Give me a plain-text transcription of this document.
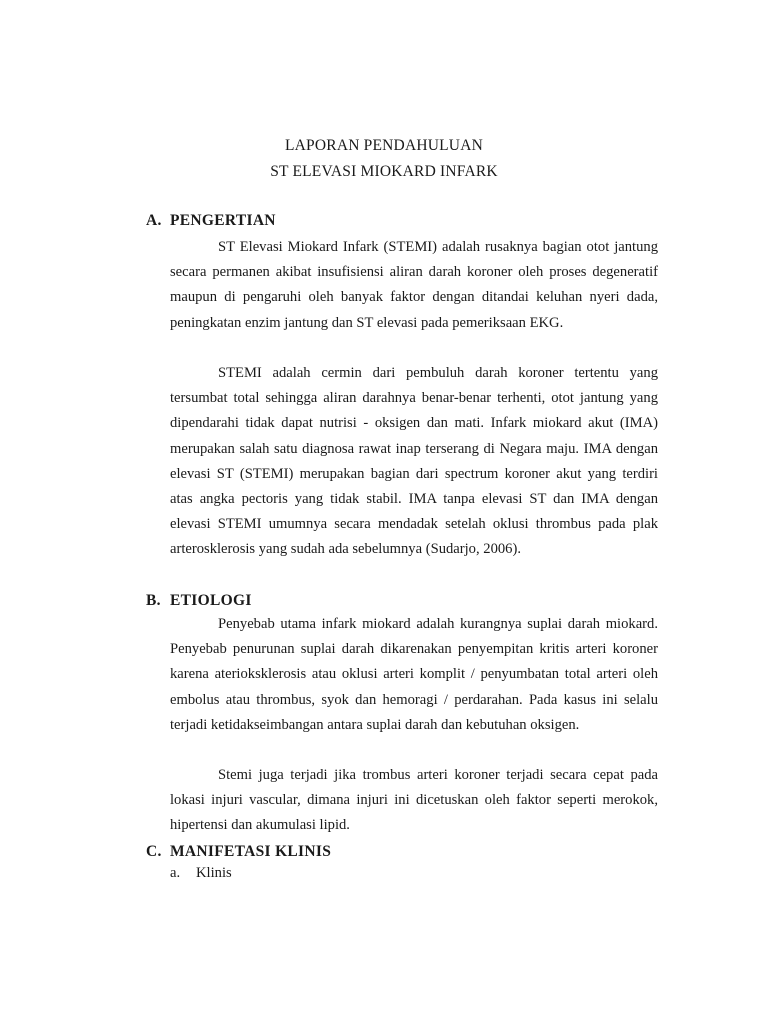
LAPORAN PENDAHULUAN
ST ELEVASI MIOKARD INFARK
A. PENGERTIAN

ST Elevasi Miokard Infark (STEMI) adalah rusaknya bagian otot jantung secara permanen akibat insufisiensi aliran darah koroner oleh proses degeneratif maupun di pengaruhi oleh banyak faktor dengan ditandai keluhan nyeri dada, peningkatan enzim jantung dan ST elevasi pada pemeriksaan EKG.

STEMI adalah cermin dari pembuluh darah koroner tertentu yang tersumbat total sehingga aliran darahnya benar-benar terhenti, otot jantung yang dipendarahi tidak dapat nutrisi - oksigen dan mati. Infark miokard akut (IMA) merupakan salah satu diagnosa rawat inap terserang di Negara maju. IMA dengan elevasi ST (STEMI) merupakan bagian dari spectrum koroner akut yang terdiri atas angka pectoris yang tidak stabil. IMA tanpa elevasi ST dan IMA dengan elevasi STEMI umumnya secara mendadak setelah oklusi thrombus pada plak arterosklerosis yang sudah ada sebelumnya (Sudarjo, 2006).

B. ETIOLOGI

Penyebab utama infark miokard adalah kurangnya suplai darah miokard. Penyebab penurunan suplai darah dikarenakan penyempitan kritis arteri koroner karena aterioksklerosis atau oklusi arteri komplit / penyumbatan total arteri oleh embolus atau thrombus, syok dan hemoragi / perdarahan. Pada kasus ini selalu terjadi ketidakseimbangan antara suplai darah dan kebutuhan oksigen.

Stemi juga terjadi jika trombus arteri koroner terjadi secara cepat pada lokasi injuri vascular, dimana injuri ini dicetuskan oleh faktor seperti merokok, hipertensi dan akumulasi lipid.

C. MANIFETASI KLINIS
a. Klinis
